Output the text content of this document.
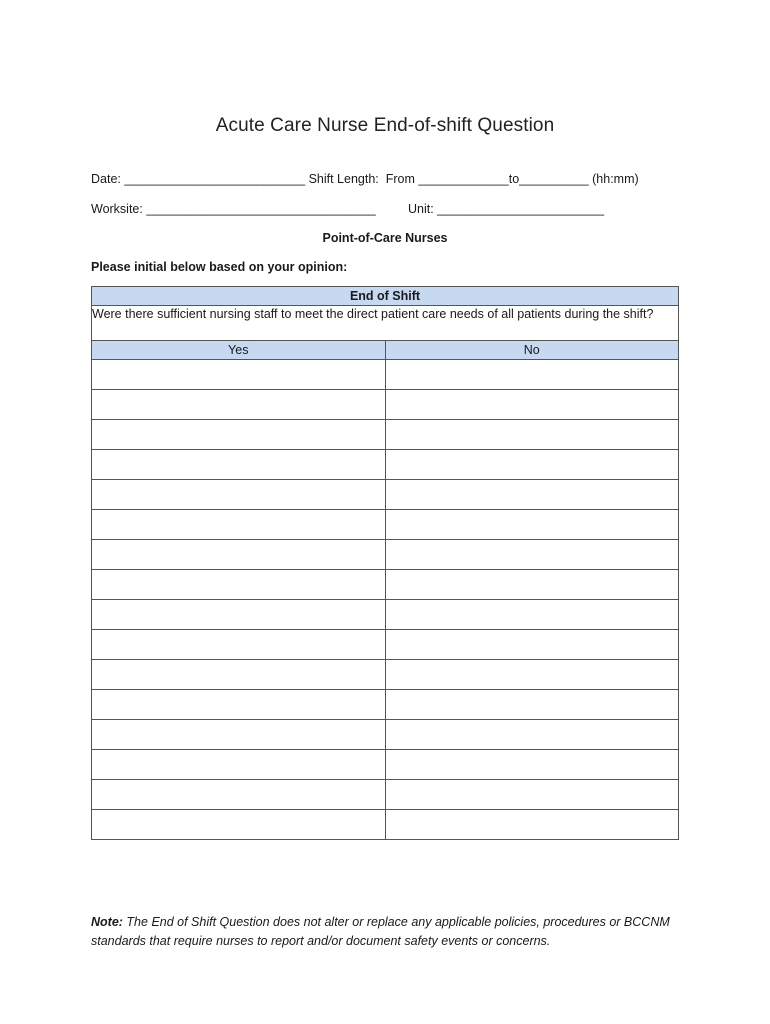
Acute Care Nurse End-of-shift Question
Date: __________________________ Shift Length:  From _____________to__________ (hh:mm)
Worksite: _________________________________	Unit: ________________________
Point-of-Care Nurses
Please initial below based on your opinion:
End of Shift	
Were there sufficient nursing staff to meet the direct patient care needs of all patients during the shift?	
Yes	No

Note: The End of Shift Question does not alter or replace any applicable policies, procedures or BCCNM standards that require nurses to report and/or document safety events or concerns.
